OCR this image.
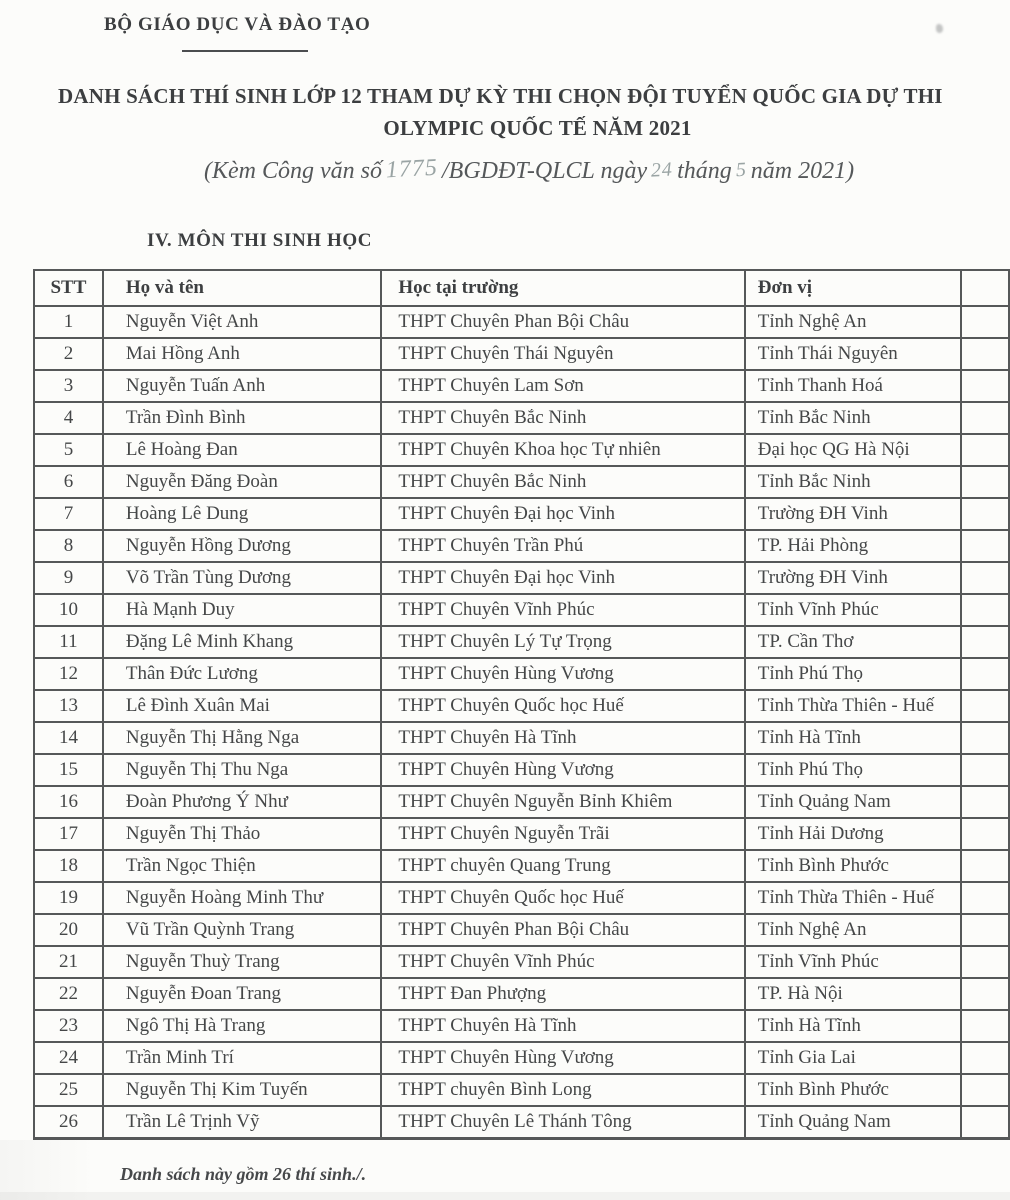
BỘ GIÁO DỤC VÀ ĐÀO TẠO
DANH SÁCH THÍ SINH LỚP 12 THAM DỰ KỲ THI CHỌN ĐỘI TUYỂN QUỐC GIA DỰ THI
OLYMPIC QUỐC TẾ NĂM 2021
(Kèm Công văn số 1775 /BGDĐT-QLCL ngày 24 tháng 5 năm 2021)
IV. MÔN THI SINH HỌC
STT	Họ và tên	Học tại trường	Đơn vị	
1	Nguyễn Việt Anh	THPT Chuyên Phan Bội Châu	Tỉnh Nghệ An	
2	Mai Hồng Anh	THPT Chuyên Thái Nguyên	Tỉnh Thái Nguyên	
3	Nguyễn Tuấn Anh	THPT Chuyên Lam Sơn	Tỉnh Thanh Hoá	
4	Trần Đình Bình	THPT Chuyên Bắc Ninh	Tỉnh Bắc Ninh	
5	Lê Hoàng Đan	THPT Chuyên Khoa học Tự nhiên	Đại học QG Hà Nội	
6	Nguyễn Đăng Đoàn	THPT Chuyên Bắc Ninh	Tỉnh Bắc Ninh	
7	Hoàng Lê Dung	THPT Chuyên Đại học Vinh	Trường ĐH Vinh	
8	Nguyễn Hồng Dương	THPT Chuyên Trần Phú	TP. Hải Phòng	
9	Võ Trần Tùng Dương	THPT Chuyên Đại học Vinh	Trường ĐH Vinh	
10	Hà Mạnh Duy	THPT Chuyên Vĩnh Phúc	Tỉnh Vĩnh Phúc	
11	Đặng Lê Minh Khang	THPT Chuyên Lý Tự Trọng	TP. Cần Thơ	
12	Thân Đức Lương	THPT Chuyên Hùng Vương	Tỉnh Phú Thọ	
13	Lê Đình Xuân Mai	THPT Chuyên Quốc học Huế	Tỉnh Thừa Thiên - Huế	
14	Nguyễn Thị Hằng Nga	THPT Chuyên Hà Tĩnh	Tỉnh Hà Tĩnh	
15	Nguyễn Thị Thu Nga	THPT Chuyên Hùng Vương	Tỉnh Phú Thọ	
16	Đoàn Phương Ý Như	THPT Chuyên Nguyễn Bỉnh Khiêm	Tỉnh Quảng Nam	
17	Nguyễn Thị Thảo	THPT Chuyên Nguyễn Trãi	Tỉnh Hải Dương	
18	Trần Ngọc Thiện	THPT chuyên Quang Trung	Tỉnh Bình Phước	
19	Nguyễn Hoàng Minh Thư	THPT Chuyên Quốc học Huế	Tỉnh Thừa Thiên - Huế	
20	Vũ Trần Quỳnh Trang	THPT Chuyên Phan Bội Châu	Tỉnh Nghệ An	
21	Nguyễn Thuỳ Trang	THPT Chuyên Vĩnh Phúc	Tỉnh Vĩnh Phúc	
22	Nguyễn Đoan Trang	THPT Đan Phượng	TP. Hà Nội	
23	Ngô Thị Hà Trang	THPT Chuyên Hà Tĩnh	Tỉnh Hà Tĩnh	
24	Trần Minh Trí	THPT Chuyên Hùng Vương	Tỉnh Gia Lai	
25	Nguyễn Thị Kim Tuyến	THPT chuyên Bình Long	Tỉnh Bình Phước	
26	Trần Lê Trịnh Vỹ	THPT Chuyên Lê Thánh Tông	Tỉnh Quảng Nam	
Danh sách này gồm 26 thí sinh./.
